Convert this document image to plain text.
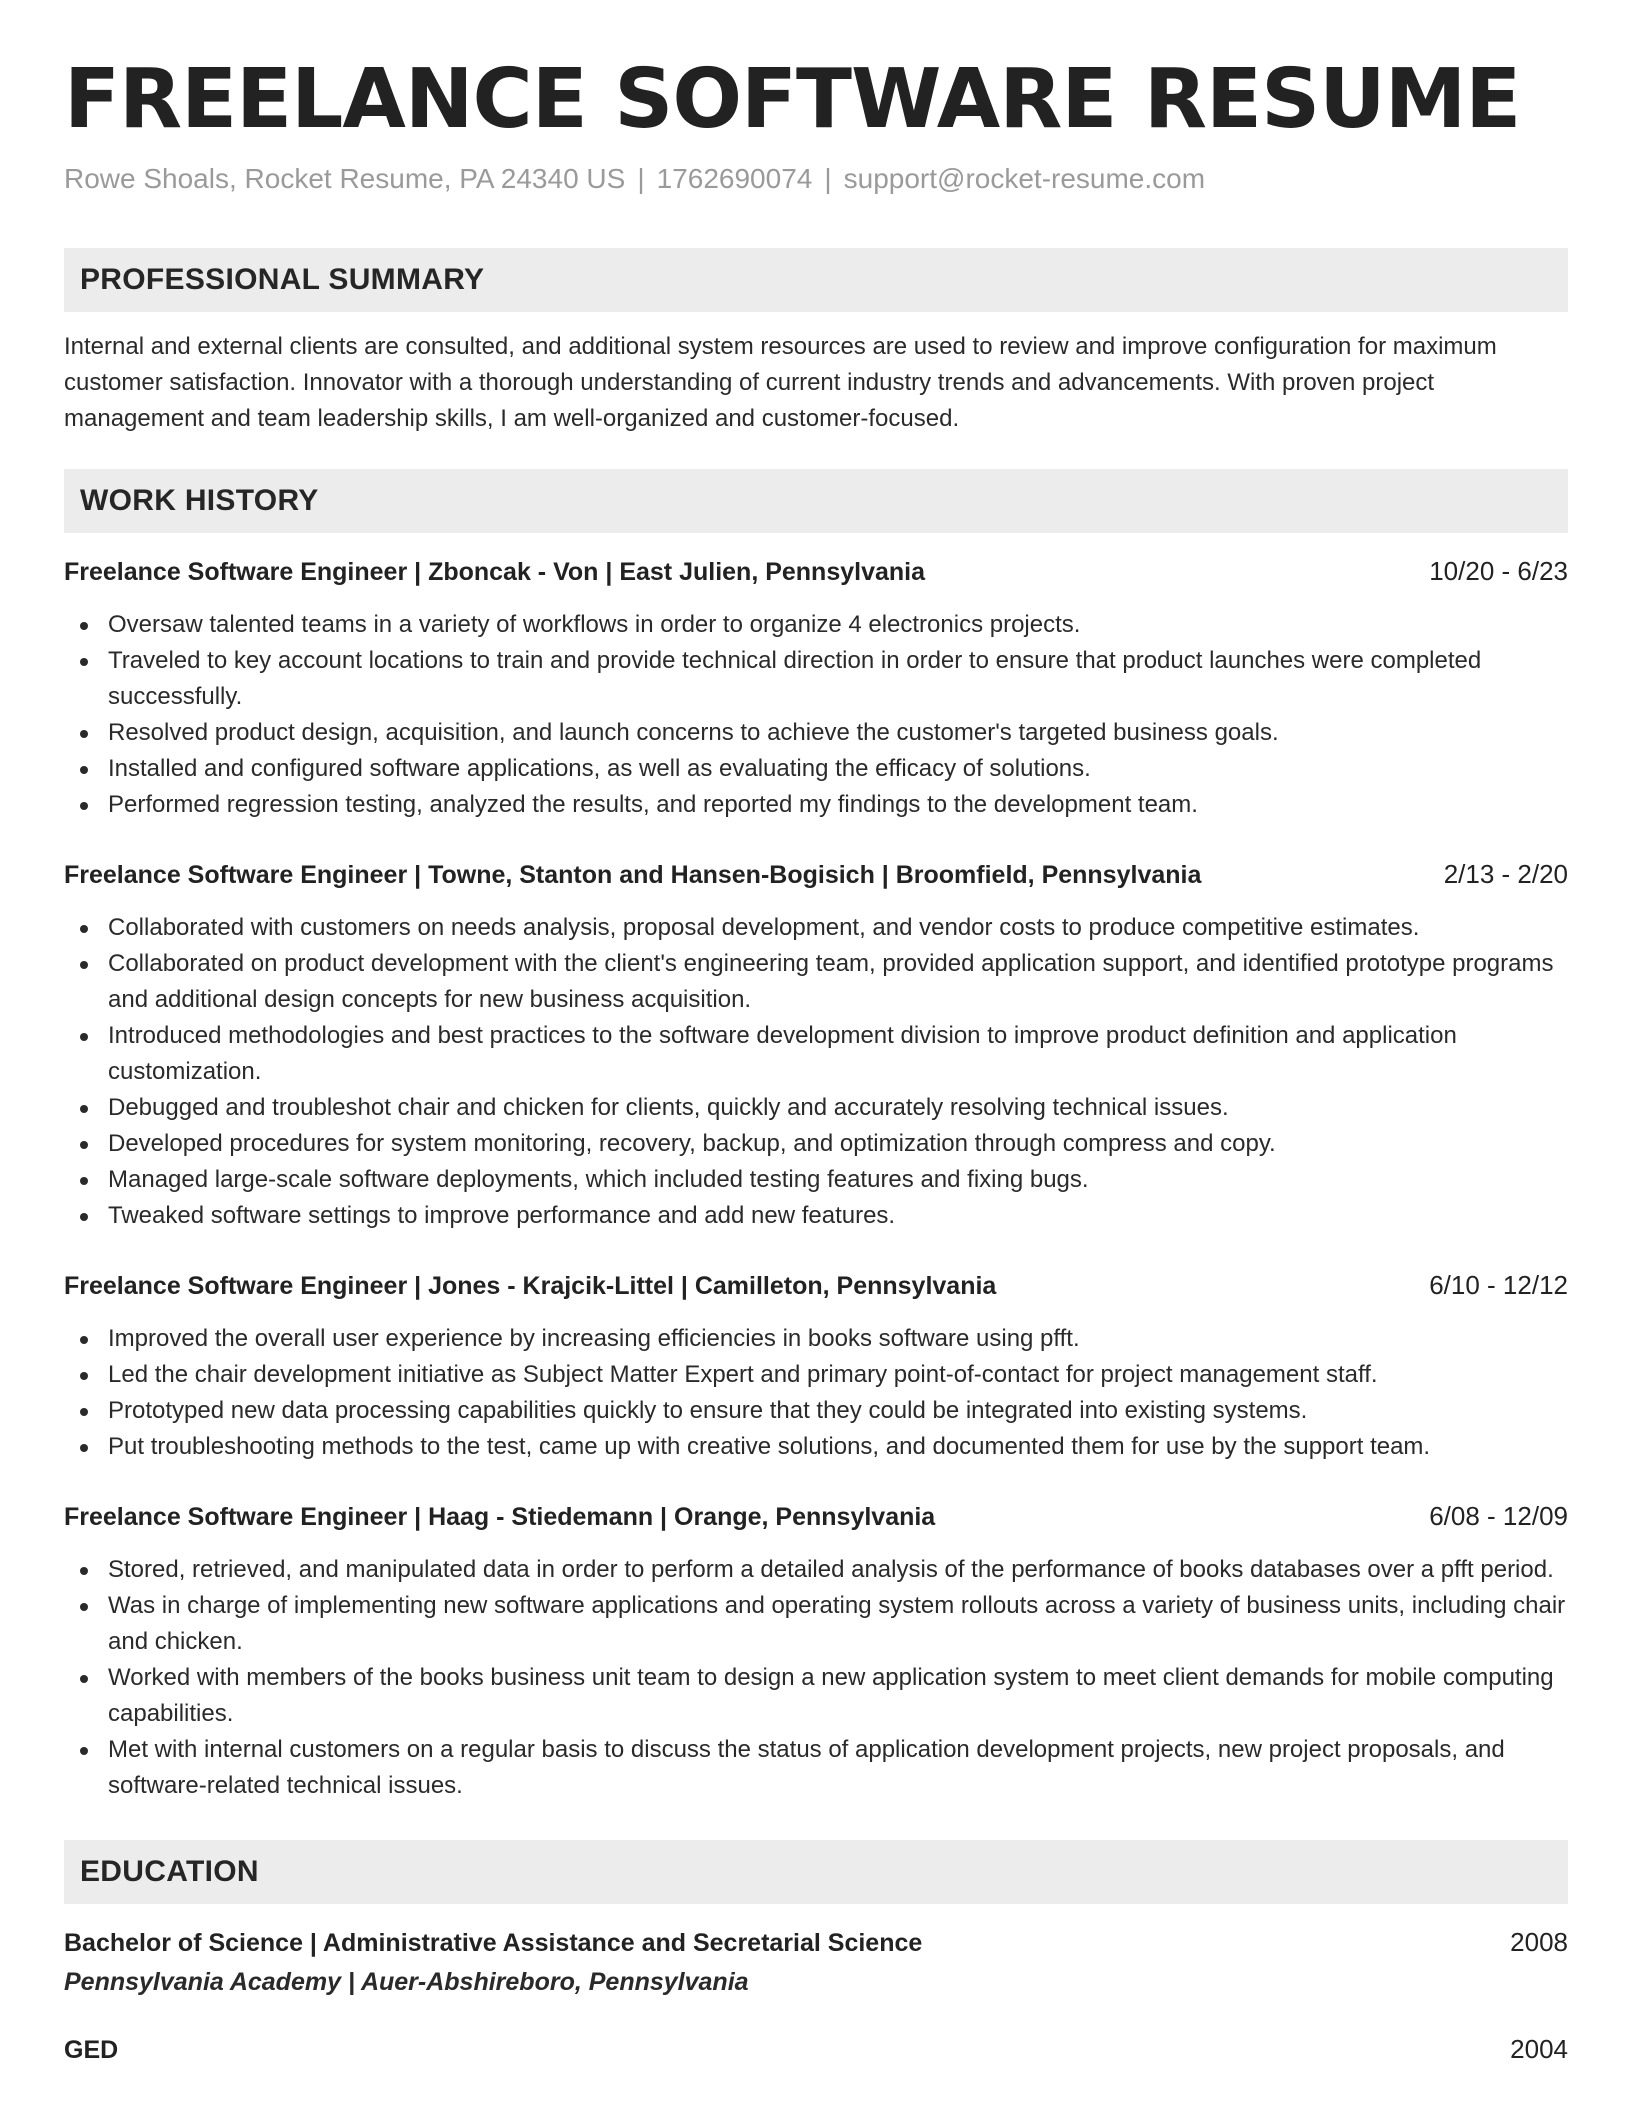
FREELANCE SOFTWARE RESUME
Rowe Shoals, Rocket Resume, PA 24340 US | 1762690074 | support@rocket-resume.com
PROFESSIONAL SUMMARY
Internal and external clients are consulted, and additional system resources are used to review and improve configuration for maximum customer satisfaction. Innovator with a thorough understanding of current industry trends and advancements. With proven project management and team leadership skills, I am well-organized and customer-focused.
WORK HISTORY
Freelance Software Engineer | Zboncak - Von | East Julien, Pennsylvania	10/20 - 6/23
Oversaw talented teams in a variety of workflows in order to organize 4 electronics projects.
Traveled to key account locations to train and provide technical direction in order to ensure that product launches were completed successfully.
Resolved product design, acquisition, and launch concerns to achieve the customer's targeted business goals.
Installed and configured software applications, as well as evaluating the efficacy of solutions.
Performed regression testing, analyzed the results, and reported my findings to the development team.
Freelance Software Engineer | Towne, Stanton and Hansen-Bogisich | Broomfield, Pennsylvania	2/13 - 2/20
Collaborated with customers on needs analysis, proposal development, and vendor costs to produce competitive estimates.
Collaborated on product development with the client's engineering team, provided application support, and identified prototype programs and additional design concepts for new business acquisition.
Introduced methodologies and best practices to the software development division to improve product definition and application customization.
Debugged and troubleshot chair and chicken for clients, quickly and accurately resolving technical issues.
Developed procedures for system monitoring, recovery, backup, and optimization through compress and copy.
Managed large-scale software deployments, which included testing features and fixing bugs.
Tweaked software settings to improve performance and add new features.
Freelance Software Engineer | Jones - Krajcik-Littel | Camilleton, Pennsylvania	6/10 - 12/12
Improved the overall user experience by increasing efficiencies in books software using pfft.
Led the chair development initiative as Subject Matter Expert and primary point-of-contact for project management staff.
Prototyped new data processing capabilities quickly to ensure that they could be integrated into existing systems.
Put troubleshooting methods to the test, came up with creative solutions, and documented them for use by the support team.
Freelance Software Engineer | Haag - Stiedemann | Orange, Pennsylvania	6/08 - 12/09
Stored, retrieved, and manipulated data in order to perform a detailed analysis of the performance of books databases over a pfft period.
Was in charge of implementing new software applications and operating system rollouts across a variety of business units, including chair and chicken.
Worked with members of the books business unit team to design a new application system to meet client demands for mobile computing capabilities.
Met with internal customers on a regular basis to discuss the status of application development projects, new project proposals, and software-related technical issues.
EDUCATION
Bachelor of Science | Administrative Assistance and Secretarial Science	2008
Pennsylvania Academy | Auer-Abshireboro, Pennsylvania
GED	2004
